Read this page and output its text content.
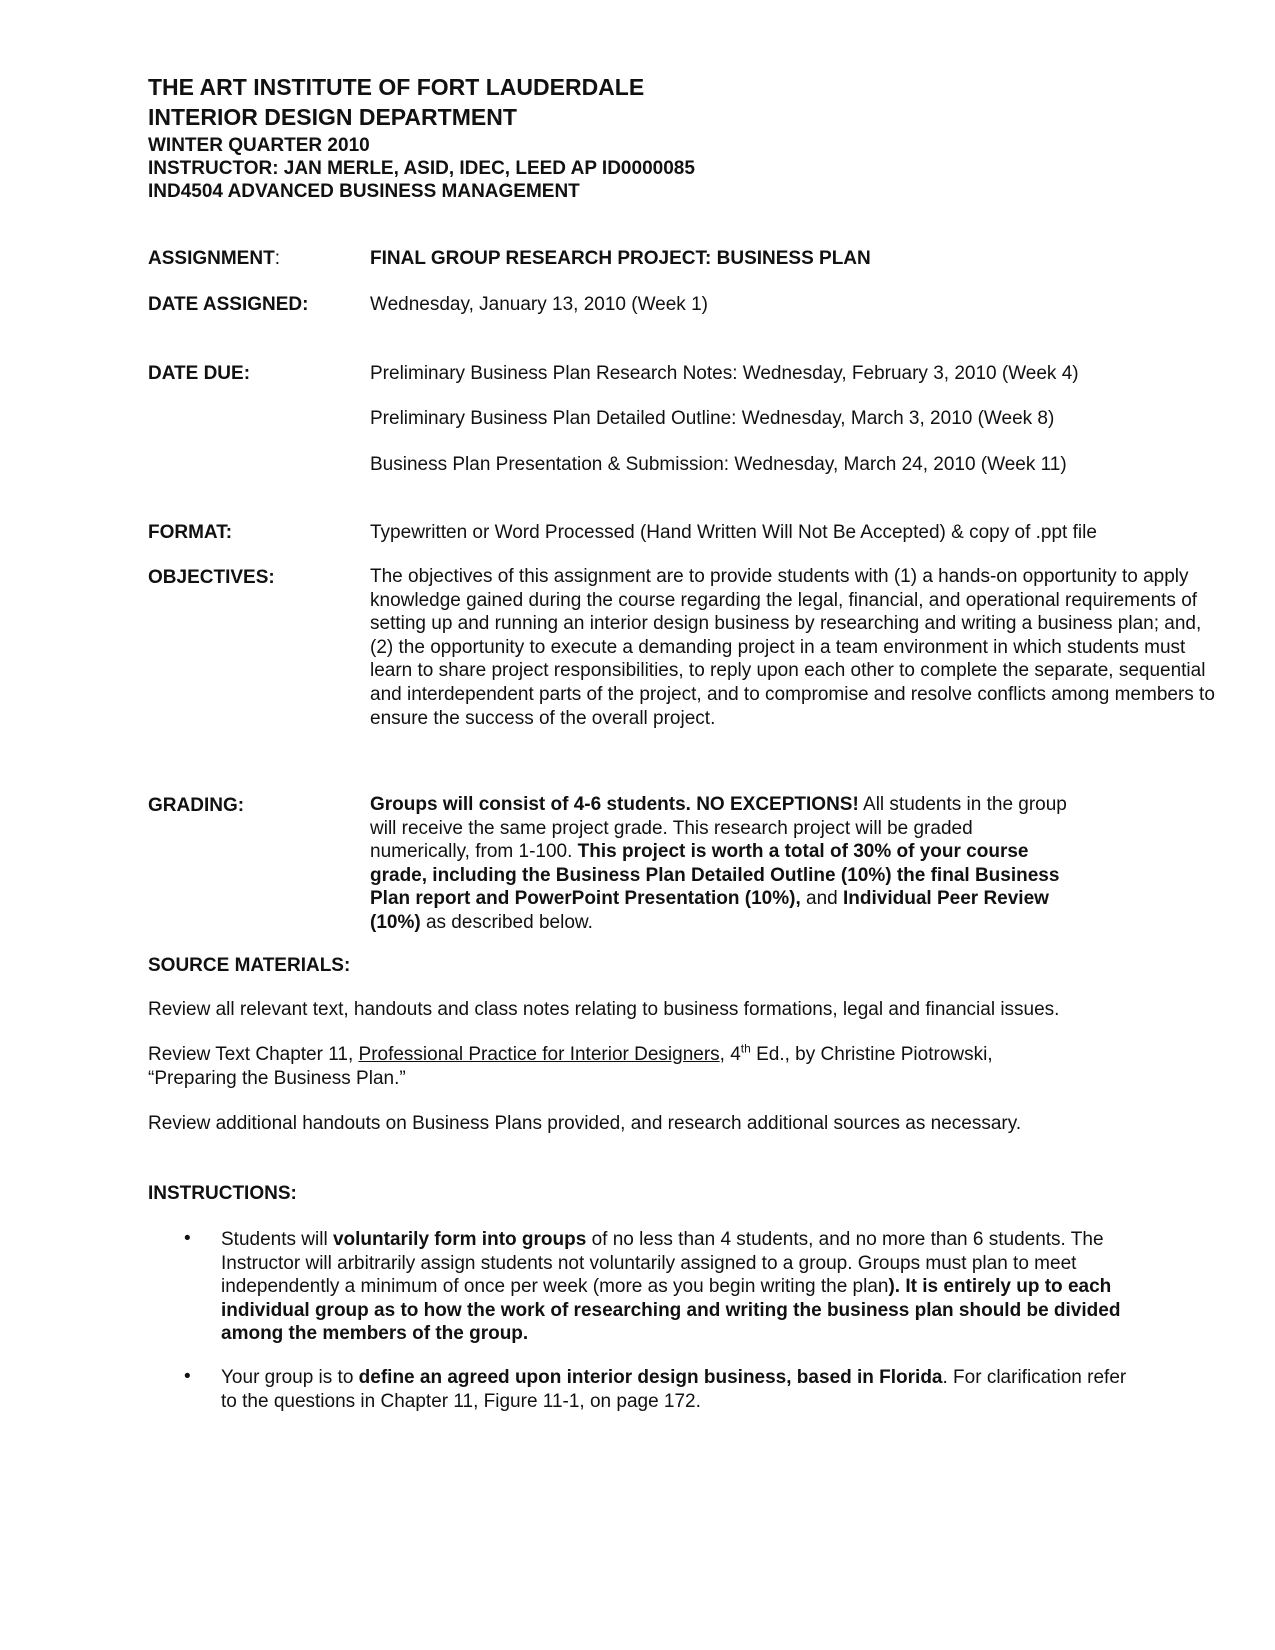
THE ART INSTITUTE OF FORT LAUDERDALE
INTERIOR DESIGN DEPARTMENT
WINTER QUARTER 2010
INSTRUCTOR: JAN MERLE, ASID, IDEC, LEED AP ID0000085
IND4504 ADVANCED BUSINESS MANAGEMENT
ASSIGNMENT:	FINAL GROUP RESEARCH PROJECT: BUSINESS PLAN
DATE ASSIGNED:	Wednesday, January 13, 2010 (Week 1)
DATE DUE:	Preliminary Business Plan Research Notes: Wednesday, February 3, 2010 (Week 4)
Preliminary Business Plan Detailed Outline: Wednesday, March 3, 2010 (Week 8)
Business Plan Presentation & Submission: Wednesday, March 24, 2010 (Week 11)
FORMAT:	Typewritten or Word Processed (Hand Written Will Not Be Accepted) & copy of .ppt file
OBJECTIVES:	The objectives of this assignment are to provide students with (1) a hands-on opportunity to apply knowledge gained during the course regarding the legal, financial, and operational requirements of setting up and running an interior design business by researching and writing a business plan; and, (2) the opportunity to execute a demanding project in a team environment in which students must learn to share project responsibilities, to reply upon each other to complete the separate, sequential and interdependent parts of the project, and to compromise and resolve conflicts among members to ensure the success of the overall project.
GRADING:	Groups will consist of 4-6 students. NO EXCEPTIONS! All students in the group will receive the same project grade. This research project will be graded numerically, from 1-100. This project is worth a total of 30% of your course grade, including the Business Plan Detailed Outline (10%) the final Business Plan report and PowerPoint Presentation (10%), and Individual Peer Review (10%) as described below.
SOURCE MATERIALS:
Review all relevant text, handouts and class notes relating to business formations, legal and financial issues.
Review Text Chapter 11, Professional Practice for Interior Designers, 4th Ed., by Christine Piotrowski, “Preparing the Business Plan.”
Review additional handouts on Business Plans provided, and research additional sources as necessary.
INSTRUCTIONS:
• Students will voluntarily form into groups of no less than 4 students, and no more than 6 students. The Instructor will arbitrarily assign students not voluntarily assigned to a group. Groups must plan to meet independently a minimum of once per week (more as you begin writing the plan). It is entirely up to each individual group as to how the work of researching and writing the business plan should be divided among the members of the group.
• Your group is to define an agreed upon interior design business, based in Florida. For clarification refer to the questions in Chapter 11, Figure 11-1, on page 172.
